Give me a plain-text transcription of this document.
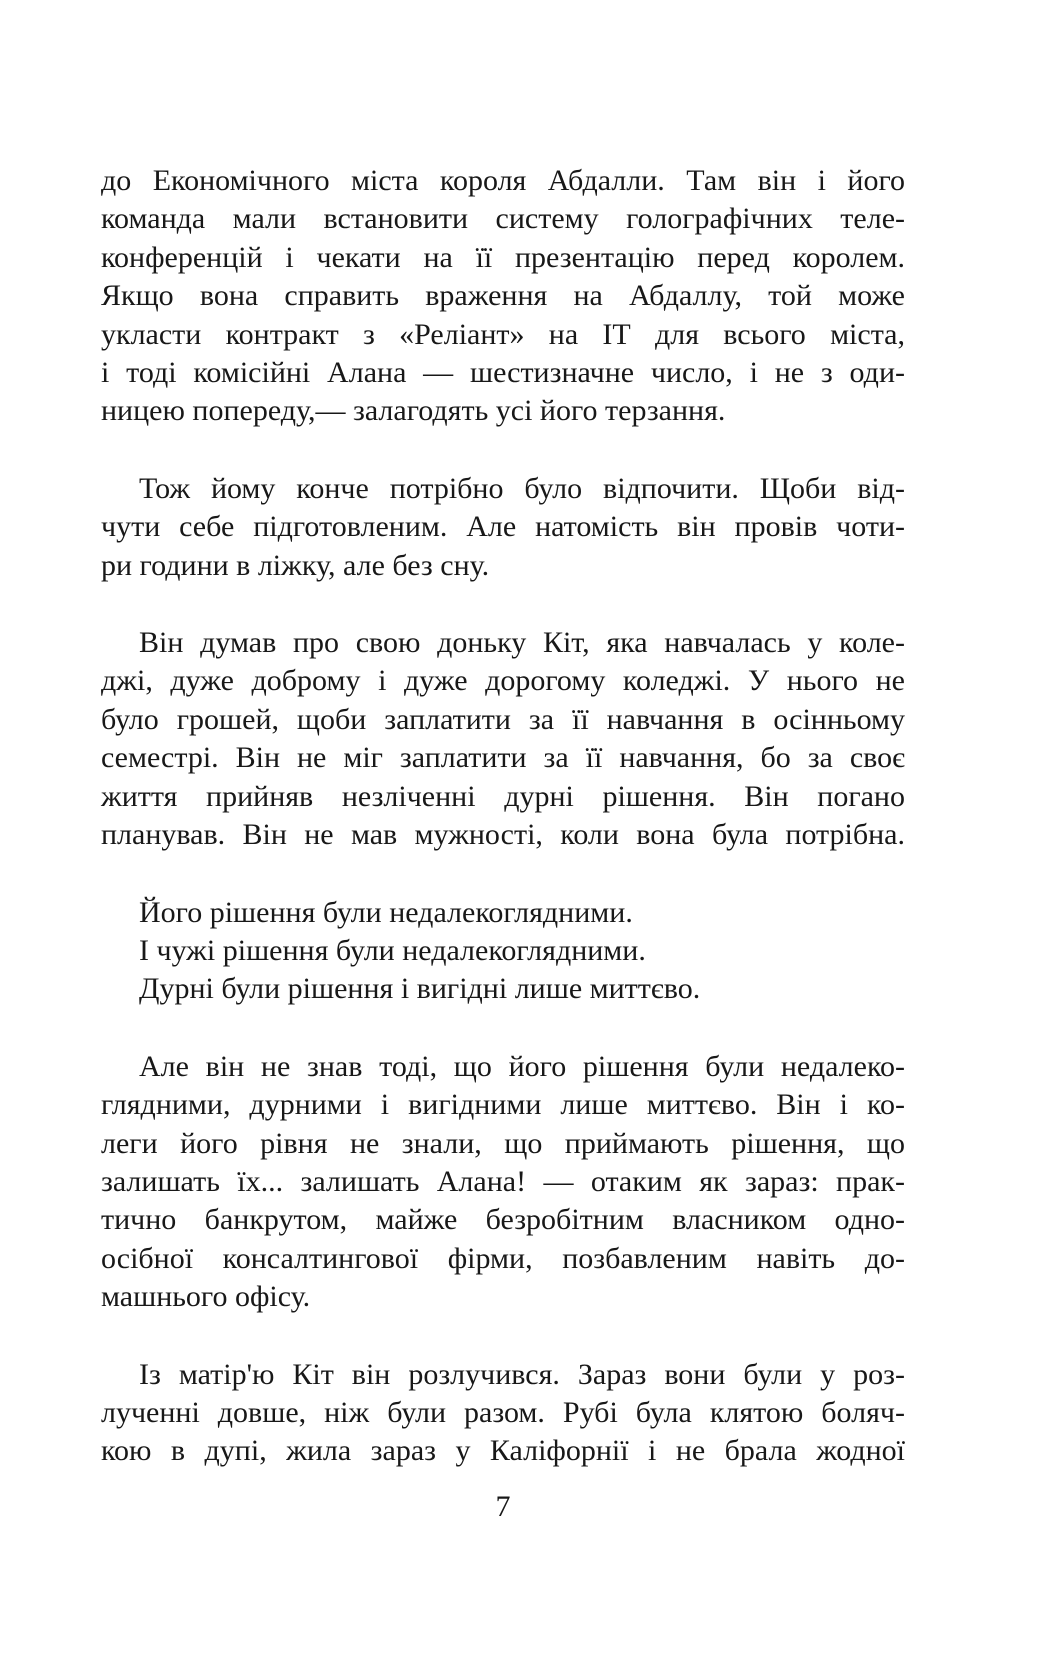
до Економічного міста короля Абдалли. Там він і його
команда мали встановити систему голографічних теле-
конференцій і чекати на її презентацію перед королем.
Якщо вона справить враження на Абдаллу, той може
укласти контракт з «Реліант» на ІТ для всього міста,
і тоді комісійні Алана — шестизначне число, і не з оди-
ницею попереду,— залагодять усі його терзання.
Тож йому конче потрібно було відпочити. Щоби від-
чути себе підготовленим. Але натомість він провів чоти-
ри години в ліжку, але без сну.
Він думав про свою доньку Кіт, яка навчалась у коле-
джі, дуже доброму і дуже дорогому коледжі. У нього не
було грошей, щоби заплатити за її навчання в осінньому
семестрі. Він не міг заплатити за її навчання, бо за своє
життя прийняв незліченні дурні рішення. Він погано
планував. Він не мав мужності, коли вона була потрібна.
Його рішення були недалекоглядними.
І чужі рішення були недалекоглядними.
Дурні були рішення і вигідні лише миттєво.
Але він не знав тоді, що його рішення були недалеко-
глядними, дурними і вигідними лише миттєво. Він і ко-
леги його рівня не знали, що приймають рішення, що
залишать їх... залишать Алана! — отаким як зараз: прак-
тично банкрутом, майже безробітним власником одно-
осібної консалтингової фірми, позбавленим навіть до-
машнього офісу.
Із матір'ю Кіт він розлучився. Зараз вони були у роз-
лученні довше, ніж були разом. Рубі була клятою боляч-
кою в дупі, жила зараз у Каліфорнії і не брала жодної
7
